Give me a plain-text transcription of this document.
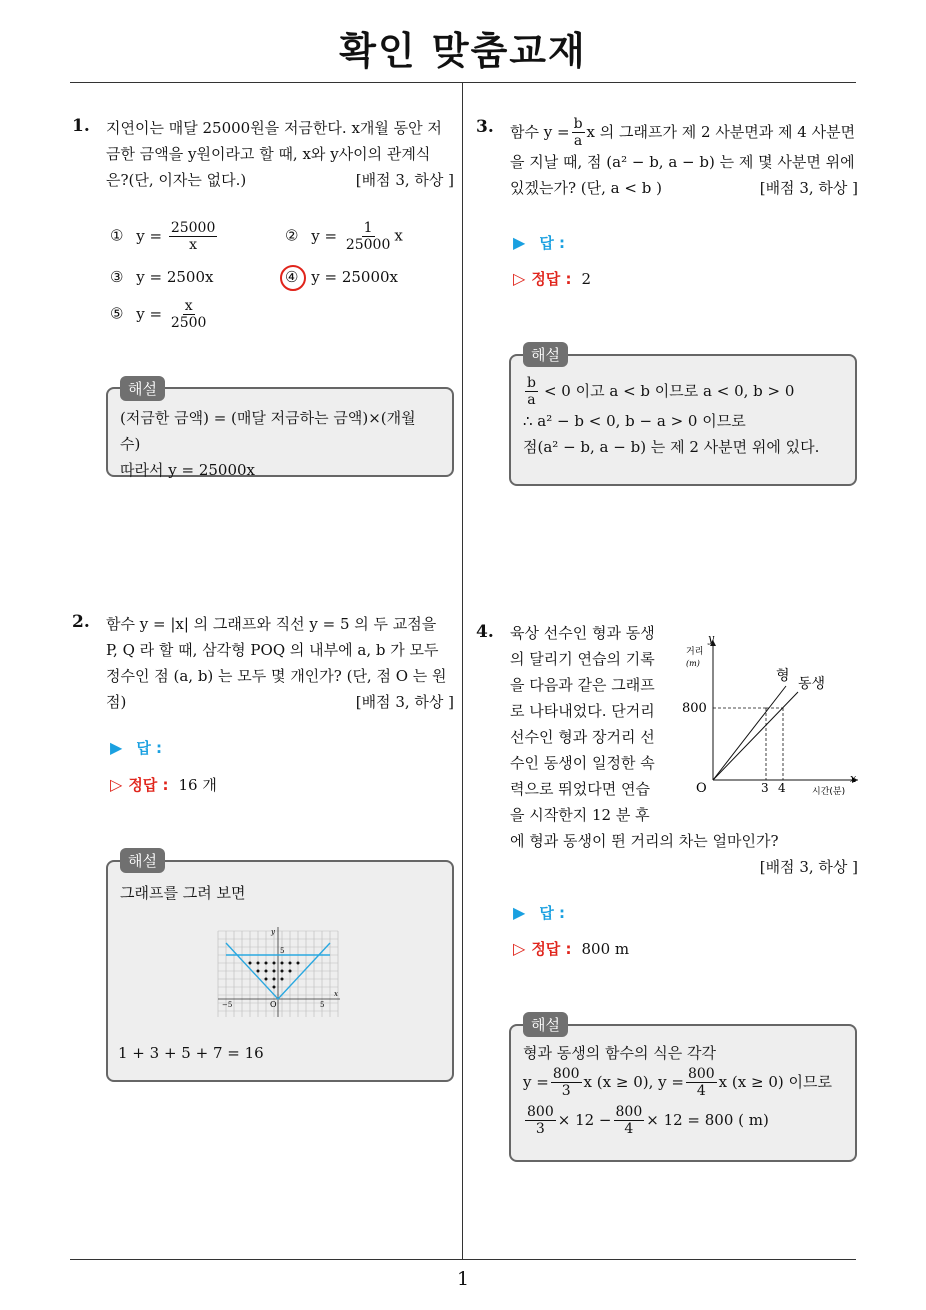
확인 맞춤교재
1
1. 지연이는 매달 25000원을 저금한다. x개월 동안 저
금한 금액을 y원이라고 할 때, x와 y사이의 관계식
은?(단, 이자는 없다.)	[배점 3, 하상 ]
① $y = \frac{25000}{x}$	② $y = \frac{1}{25000}$ x
③ y = 2500x	④ y = 25000x
⑤ $y = \frac{x}{2500}$
(저금한 금액) = (매달 저금하는 금액)×(개월 수)
따라서 y = 25000x
해설
2. 함수 y = |x| 의 그래프와 직선 y = 5 의 두 교점을
P, Q 라 할 때, 삼각형 POQ 의 내부에 a, b 가 모두
정수인 점 (a, b) 는 모두 몇 개인가? (단, 점 O 는 원
점)	[배점 3, 하상 ]
▶ 답 :
▷ 정답 : 16 개
그래프를 그려 보면
해설
y
x
5
−5	5
O
1 + 3 + 5 + 7 = 16
3. 함수 $y = \frac{b}{a}$ x 의 그래프가 제 2 사분면과 제 4 사분면
을 지날 때, 점 (a² − b, a − b) 는 제 몇 사분면 위에
있겠는가? (단, a < b )	[배점 3, 하상 ]
▶ 답 :
▷ 정답 : 2
$\frac{b}{a} < 0$ 이고 a < b 이므로 a < 0, b > 0
∴ a² − b < 0, b − a > 0 이므로
점(a² − b, a − b) 는 제 2 사분면 위에 있다.
해설
4. 육상 선수인 형과 동생
의 달리기 연습의 기록
을 다음과 같은 그래프
로 나타내었다. 단거리
선수인 형과 장거리 선
수인 동생이 일정한 속
력으로 뛰었다면 연습
을 시작한지 12 분 후
에 형과 동생이 뛴 거리의 차는 얼마인가?
[배점 3, 하상 ]
y
거리
(m)
800
x
시간(분)
O	3 4
형 동생
▶ 답 :
▷ 정답 : 800 m
형과 동생의 함수의 식은 각각
$y = \frac{800}{3}$ x (x ≥ 0), $y = \frac{800}{4}$ x (x ≥ 0) 이므로
$\frac{800}{3} \times 12 - \frac{800}{4} \times 12 = 800$ ( m)
해설
